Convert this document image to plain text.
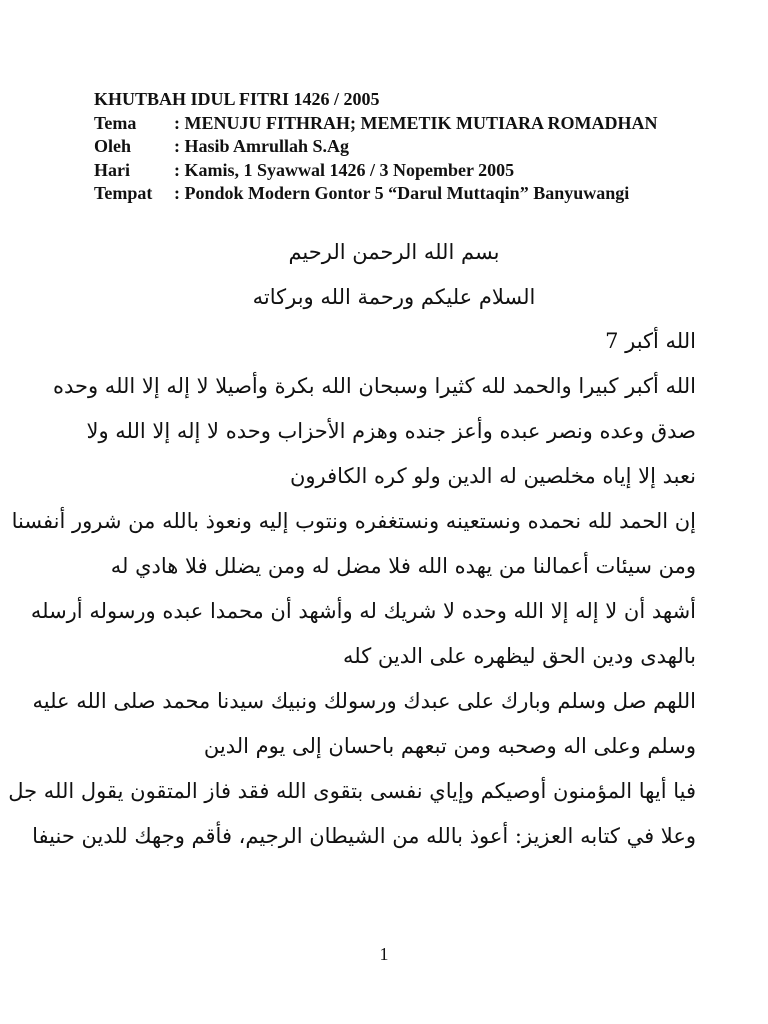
KHUTBAH IDUL FITRI 1426 / 2005
Tema	: MENUJU FITHRAH; MEMETIK MUTIARA ROMADHAN
Oleh	: Hasib Amrullah S.Ag
Hari	: Kamis, 1 Syawwal 1426 / 3 Nopember 2005
Tempat	: Pondok Modern Gontor 5 “Darul Muttaqin” Banyuwangi
بسم الله الرحمن الرحيم
السلام عليكم ورحمة الله وبركاته
الله أكبر 7
الله أكبر كبيرا والحمد لله كثيرا وسبحان الله بكرة وأصيلا لا إله إلا الله وحده
صدق وعده ونصر عبده وأعز جنده وهزم الأحزاب وحده لا إله إلا الله ولا
نعبد إلا إياه مخلصين له الدين ولو كره الكافرون
إن الحمد لله نحمده ونستعينه ونستغفره ونتوب إليه ونعوذ بالله من شرور أنفسنا
ومن سيئات أعمالنا من يهده الله فلا مضل له ومن يضلل فلا هادي له
أشهد أن لا إله إلا الله وحده لا شريك له وأشهد أن محمدا عبده ورسوله أرسله
بالهدى ودين الحق ليظهره على الدين كله
اللهم صل وسلم وبارك على عبدك ورسولك ونبيك سيدنا محمد صلى الله عليه
وسلم وعلى اله وصحبه ومن تبعهم باحسان إلى يوم الدين
فيا أيها المؤمنون أوصيكم وإياي نفسى بتقوى الله فقد فاز المتقون يقول الله جل
وعلا في كتابه العزيز: أعوذ بالله من الشيطان الرجيم، فأقم وجهك للدين حنيفا
1
